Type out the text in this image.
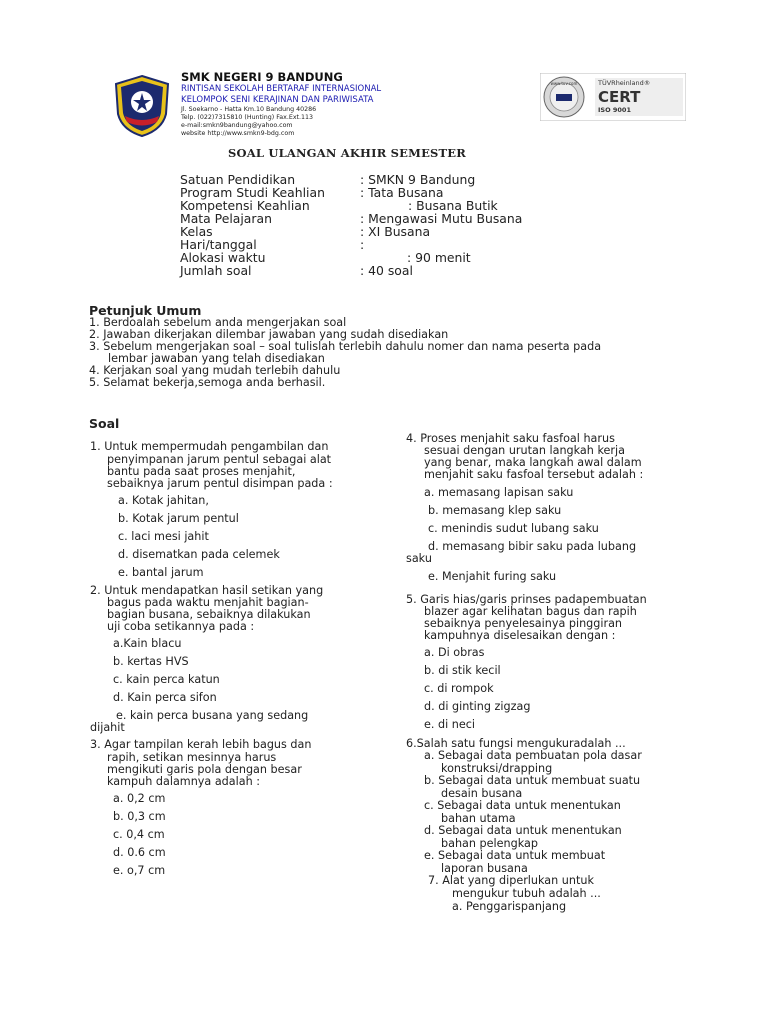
SMK NEGERI 9 BANDUNG
RINTISAN SEKOLAH BERTARAF INTERNASIONAL
KELOMPOK SENI KERAJINAN DAN PARIWISATA
Jl. Soekarno - Hatta Km.10 Bandung 40286
Telp. (022)7315810 (Hunting) Fax.Ext.113
e-mail:smkn9bandung@yahoo.com
website http://www.smkn9-bdg.com
www.tuv.com	TÜVRheinland®
CERT
ISO 9001
SOAL ULANGAN AKHIR SEMESTER
Satuan Pendidikan	: SMKN 9 Bandung
Program Studi Keahlian	: Tata Busana
Kompetensi Keahlian	: Busana Butik
Mata Pelajaran	: Mengawasi Mutu Busana
Kelas	: XI Busana
Hari/tanggal	:
Alokasi waktu	: 90 menit
Jumlah soal	: 40 soal
Petunjuk Umum
1. Berdoalah sebelum anda mengerjakan soal
2. Jawaban dikerjakan dilembar jawaban yang sudah disediakan
3. Sebelum mengerjakan soal – soal tulislah terlebih dahulu nomer dan nama peserta pada
lembar jawaban yang telah disediakan
4. Kerjakan soal yang mudah terlebih dahulu
5. Selamat bekerja,semoga anda berhasil.
Soal
1. Untuk mempermudah pengambilan dan
penyimpanan jarum pentul sebagai alat
bantu pada saat proses menjahit,
sebaiknya jarum pentul disimpan pada :
a. Kotak jahitan,
b. Kotak jarum pentul
c. laci mesi jahit
d. disematkan pada celemek
e. bantal jarum
2. Untuk mendapatkan hasil setikan yang
bagus pada waktu menjahit bagian-
bagian busana, sebaiknya dilakukan
uji coba setikannya pada :
a.Kain blacu
b. kertas HVS
c. kain perca katun
d. Kain perca sifon
e. kain perca busana yang sedang
dijahit
3. Agar tampilan kerah lebih bagus dan
rapih, setikan mesinnya harus
mengikuti garis pola dengan besar
kampuh dalamnya adalah :
a. 0,2 cm
b. 0,3 cm
c. 0,4 cm
d. 0.6 cm
e. o,7 cm
4. Proses menjahit saku fasfoal harus
sesuai dengan urutan langkah kerja
yang benar, maka langkah awal dalam
menjahit saku fasfoal tersebut adalah :
a. memasang lapisan saku
b. memasang klep saku
c. menindis sudut lubang saku
d. memasang bibir saku pada lubang
saku
e. Menjahit furing saku
5. Garis hias/garis prinses padapembuatan
blazer agar kelihatan bagus dan rapih
sebaiknya penyelesainya pinggiran
kampuhnya diselesaikan dengan :
a. Di obras
b. di stik kecil
c. di rompok
d. di ginting zigzag
e. di neci
6.Salah satu fungsi mengukuradalah ...
a. Sebagai data pembuatan pola dasar
konstruksi/drapping
b. Sebagai data untuk membuat suatu
desain busana
c. Sebagai data untuk menentukan
bahan utama
d. Sebagai data untuk menentukan
bahan pelengkap
e. Sebagai data untuk membuat
laporan busana
7. Alat yang diperlukan untuk
mengukur tubuh adalah ...
a. Penggarispanjang
